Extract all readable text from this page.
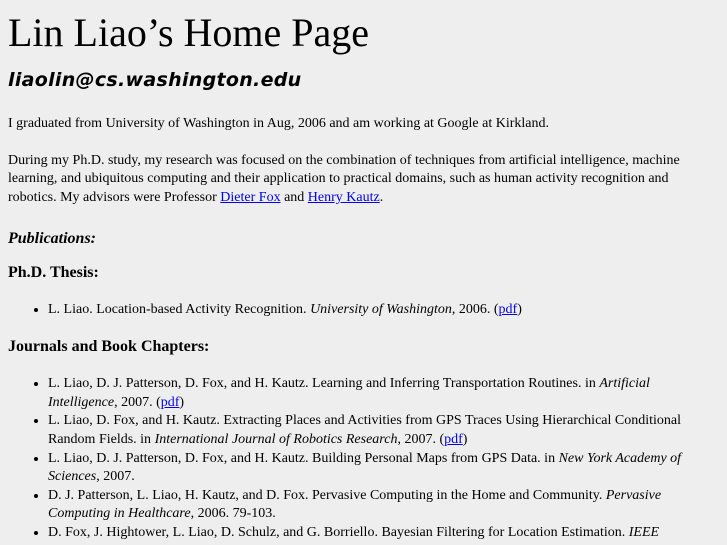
Lin Liao’s Home Page
liaolin@cs.washington.edu

I graduated from University of Washington in Aug, 2006 and am working at Google at Kirkland.

During my Ph.D. study, my research was focused on the combination of techniques from artificial intelligence, machine learning, and ubiquitous computing and their application to practical domains, such as human activity recognition and robotics. My advisors were Professor Dieter Fox and Henry Kautz.

Publications:
Ph.D. Thesis:
• L. Liao. Location-based Activity Recognition. University of Washington, 2006. (pdf)
Journals and Book Chapters:
• L. Liao, D. J. Patterson, D. Fox, and H. Kautz. Learning and Inferring Transportation Routines. in Artificial Intelligence, 2007. (pdf)
• L. Liao, D. Fox, and H. Kautz. Extracting Places and Activities from GPS Traces Using Hierarchical Conditional Random Fields. in International Journal of Robotics Research, 2007. (pdf)
• L. Liao, D. J. Patterson, D. Fox, and H. Kautz. Building Personal Maps from GPS Data. in New York Academy of Sciences, 2007.
• D. J. Patterson, L. Liao, H. Kautz, and D. Fox. Pervasive Computing in the Home and Community. Pervasive Computing in Healthcare, 2006. 79-103.
• D. Fox, J. Hightower, L. Liao, D. Schulz, and G. Borriello. Bayesian Filtering for Location Estimation. IEEE
